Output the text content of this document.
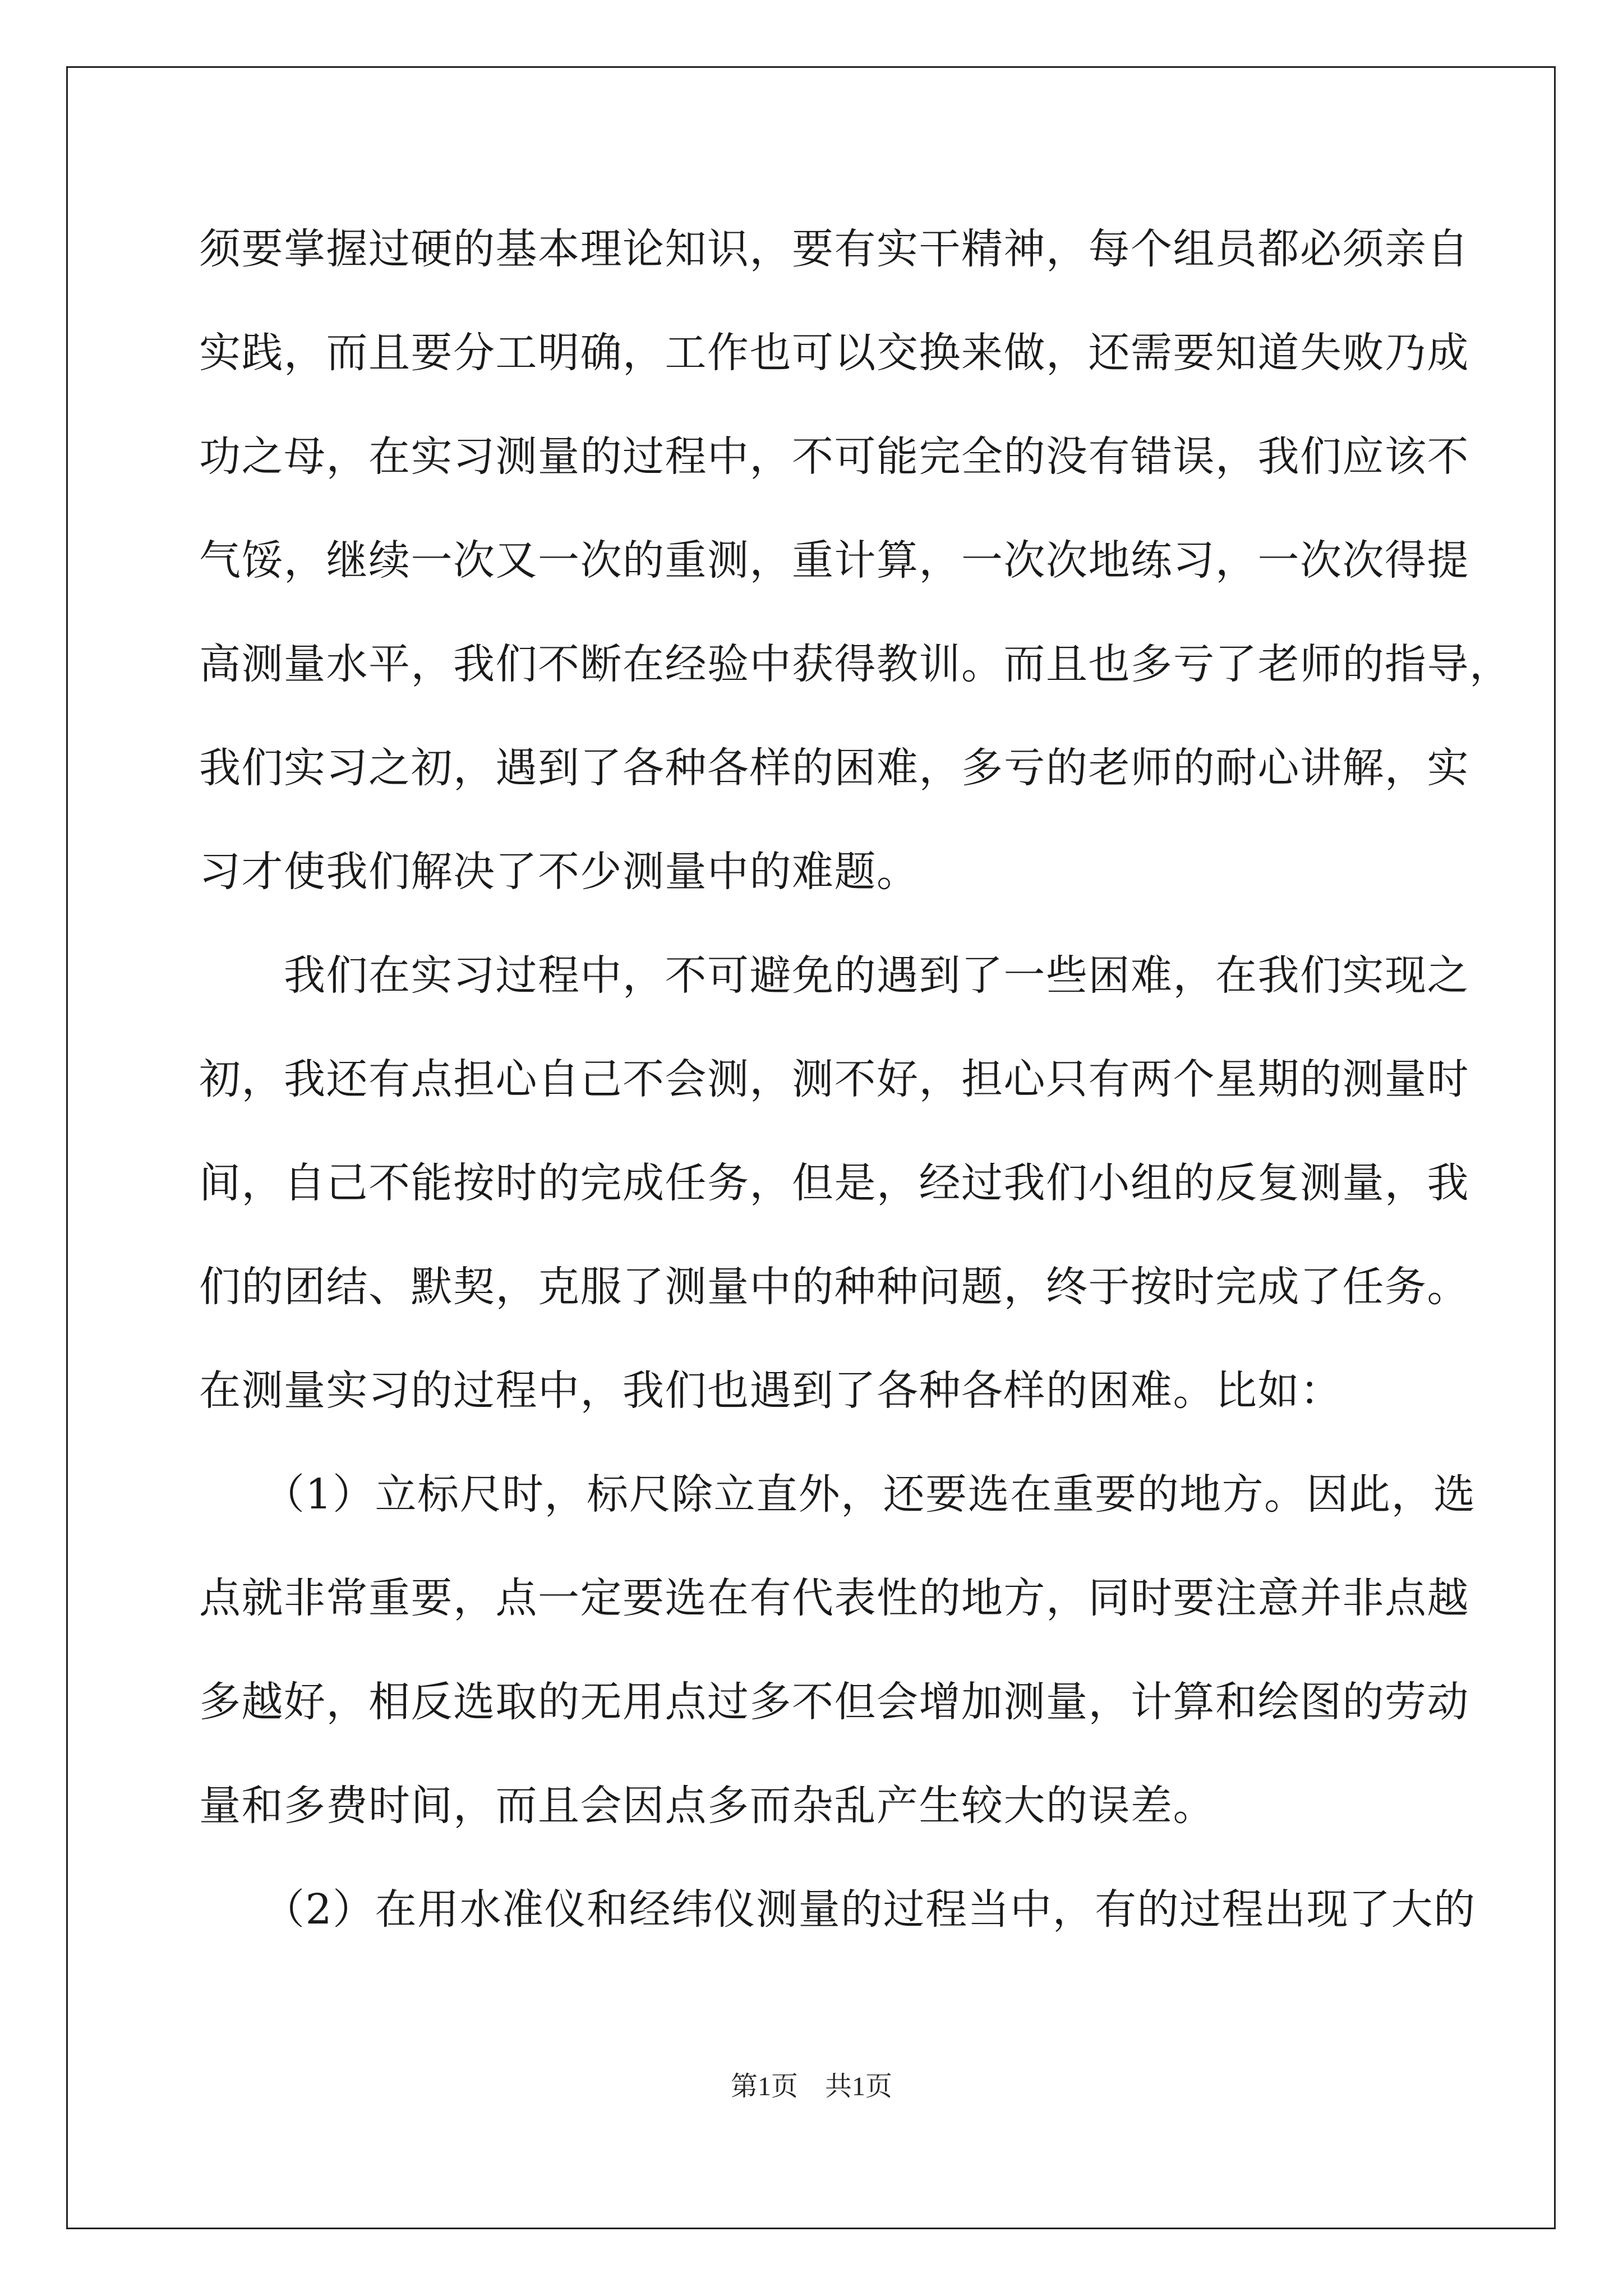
须要掌握过硬的基本理论知识，要有实干精神，每个组员都必须亲自
实践，而且要分工明确，工作也可以交换来做，还需要知道失败乃成
功之母，在实习测量的过程中，不可能完全的没有错误，我们应该不
气馁，继续一次又一次的重测，重计算，一次次地练习，一次次得提
高测量水平，我们不断在经验中获得教训。而且也多亏了老师的指导，
我们实习之初，遇到了各种各样的困难，多亏的老师的耐心讲解，实
习才使我们解决了不少测量中的难题。
　　我们在实习过程中，不可避免的遇到了一些困难，在我们实现之
初，我还有点担心自己不会测，测不好，担心只有两个星期的测量时
间，自己不能按时的完成任务，但是，经过我们小组的反复测量，我
们的团结、默契，克服了测量中的种种问题，终于按时完成了任务。
在测量实习的过程中，我们也遇到了各种各样的困难。比如：
　　（1）立标尺时，标尺除立直外，还要选在重要的地方。因此，选
点就非常重要，点一定要选在有代表性的地方，同时要注意并非点越
多越好，相反选取的无用点过多不但会增加测量，计算和绘图的劳动
量和多费时间，而且会因点多而杂乱产生较大的误差。
　　（2）在用水准仪和经纬仪测量的过程当中，有的过程出现了大的
第1页　共1页
